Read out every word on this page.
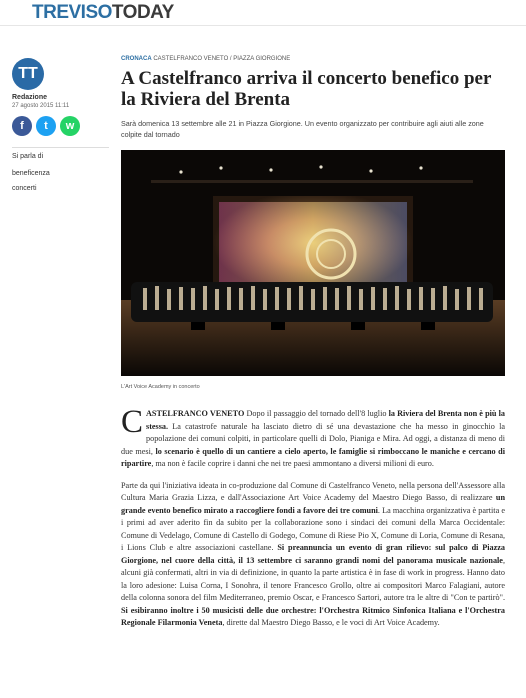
TREVISOTODAY
TT
Redazione
27 agosto 2015 11:11
f	t	w
Si parla di
beneficenza
concerti
CRONACA CASTELFRANCO VENETO / PIAZZA GIORGIONE
A Castelfranco arriva il concerto benefico per la Riviera del Brenta
Sarà domenica 13 settembre alle 21 in Piazza Giorgione. Un evento organizzato per contribuire agli aiuti alle zone colpite dal tornado
L'Art Voice Academy in concerto

CASTELFRANCO VENETO Dopo il passaggio del tornado dell'8 luglio la Riviera del Brenta non è più la stessa. La catastrofe naturale ha lasciato dietro di sé una devastazione che ha messo in ginocchio la popolazione dei comuni colpiti, in particolare quelli di Dolo, Pianiga e Mira. Ad oggi, a distanza di meno di due mesi, lo scenario è quello di un cantiere a cielo aperto, le famiglie si rimboccano le maniche e cercano di ripartire, ma non è facile coprire i danni che nei tre paesi ammontano a diversi milioni di euro.

Parte da qui l'iniziativa ideata in co-produzione dal Comune di Castelfranco Veneto, nella persona dell'Assessore alla Cultura Maria Grazia Lizza, e dall'Associazione Art Voice Academy del Maestro Diego Basso, di realizzare un grande evento benefico mirato a raccogliere fondi a favore dei tre comuni. La macchina organizzativa è partita e i primi ad aver aderito fin da subito per la collaborazione sono i sindaci dei comuni della Marca Occidentale: Comune di Vedelago, Comune di Castello di Godego, Comune di Riese Pio X, Comune di Loria, Comune di Resana, i Lions Club e altre associazioni castellane. Si preannuncia un evento di gran rilievo: sul palco di Piazza Giorgione, nel cuore della città, il 13 settembre ci saranno grandi nomi del panorama musicale nazionale, alcuni già confermati, altri in via di definizione, in quanto la parte artistica è in fase di work in progress. Hanno dato la loro adesione: Luisa Corna, I Sonohra, il tenore Francesco Grollo, oltre ai compositori Marco Falagiani, autore della colonna sonora del film Mediterraneo, premio Oscar, e Francesco Sartori, autore tra le altre di "Con te partirò". Si esibiranno inoltre i 50 musicisti delle due orchestre: l'Orchestra Ritmico Sinfonica Italiana e l'Orchestra Regionale Filarmonia Veneta, dirette dal Maestro Diego Basso, e le voci di Art Voice Academy.
